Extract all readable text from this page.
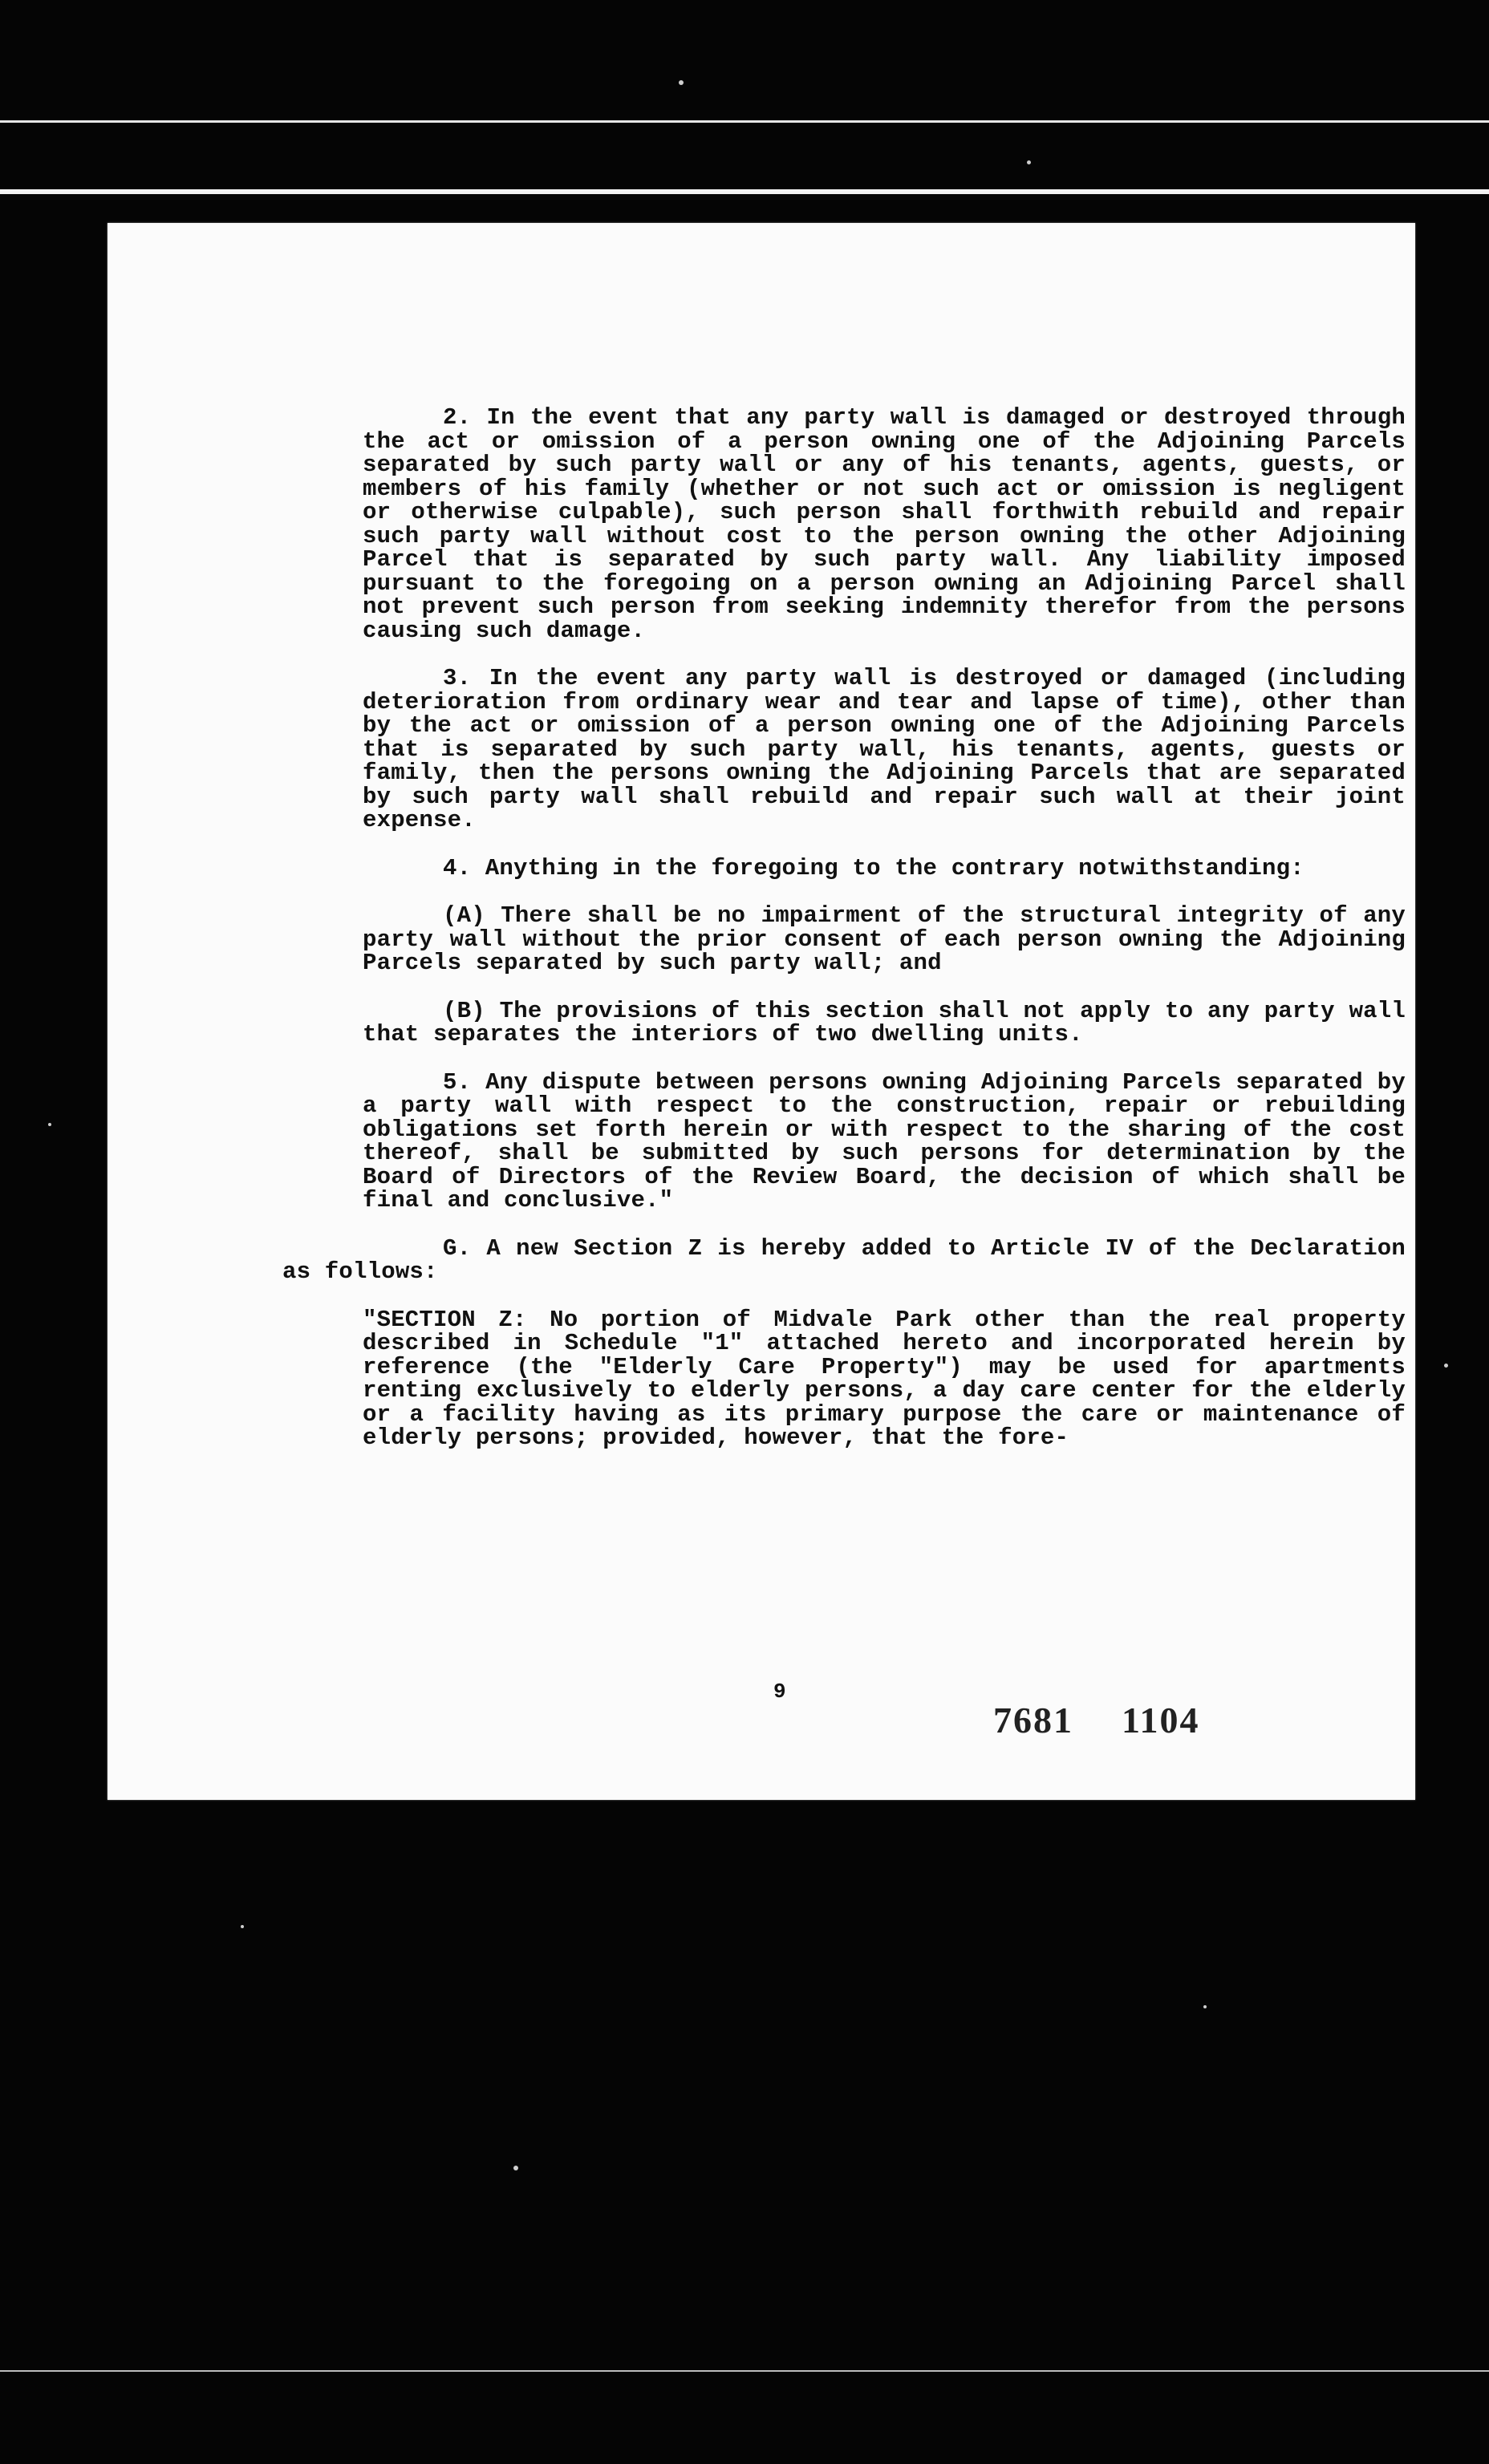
2. In the event that any party wall is damaged or destroyed through the act or omission of a person owning one of the Adjoining Parcels separated by such party wall or any of his tenants, agents, guests, or members of his family (whether or not such act or omission is negligent or otherwise culpable), such person shall forthwith rebuild and repair such party wall without cost to the person owning the other Adjoining Parcel that is separated by such party wall. Any liability imposed pursuant to the foregoing on a person owning an Adjoining Parcel shall not prevent such person from seeking indemnity therefor from the persons causing such damage.

3. In the event any party wall is destroyed or damaged (including deterioration from ordinary wear and tear and lapse of time), other than by the act or omission of a person owning one of the Adjoining Parcels that is separated by such party wall, his tenants, agents, guests or family, then the persons owning the Adjoining Parcels that are separated by such party wall shall rebuild and repair such wall at their joint expense.

4. Anything in the foregoing to the contrary notwithstanding:

(A) There shall be no impairment of the structural integrity of any party wall without the prior consent of each person owning the Adjoining Parcels separated by such party wall; and

(B) The provisions of this section shall not apply to any party wall that separates the interiors of two dwelling units.

5. Any dispute between persons owning Adjoining Parcels separated by a party wall with respect to the construction, repair or rebuilding obligations set forth herein or with respect to the sharing of the cost thereof, shall be submitted by such persons for determination by the Board of Directors of the Review Board, the decision of which shall be final and conclusive."

G. A new Section Z is hereby added to Article IV of the Declaration as follows:

"SECTION Z: No portion of Midvale Park other than the real property described in Schedule "1" attached hereto and incorporated herein by reference (the "Elderly Care Property") may be used for apartments renting exclusively to elderly persons, a day care center for the elderly or a facility having as its primary purpose the care or maintenance of elderly persons; provided, however, that the fore-

9
7681 1104
